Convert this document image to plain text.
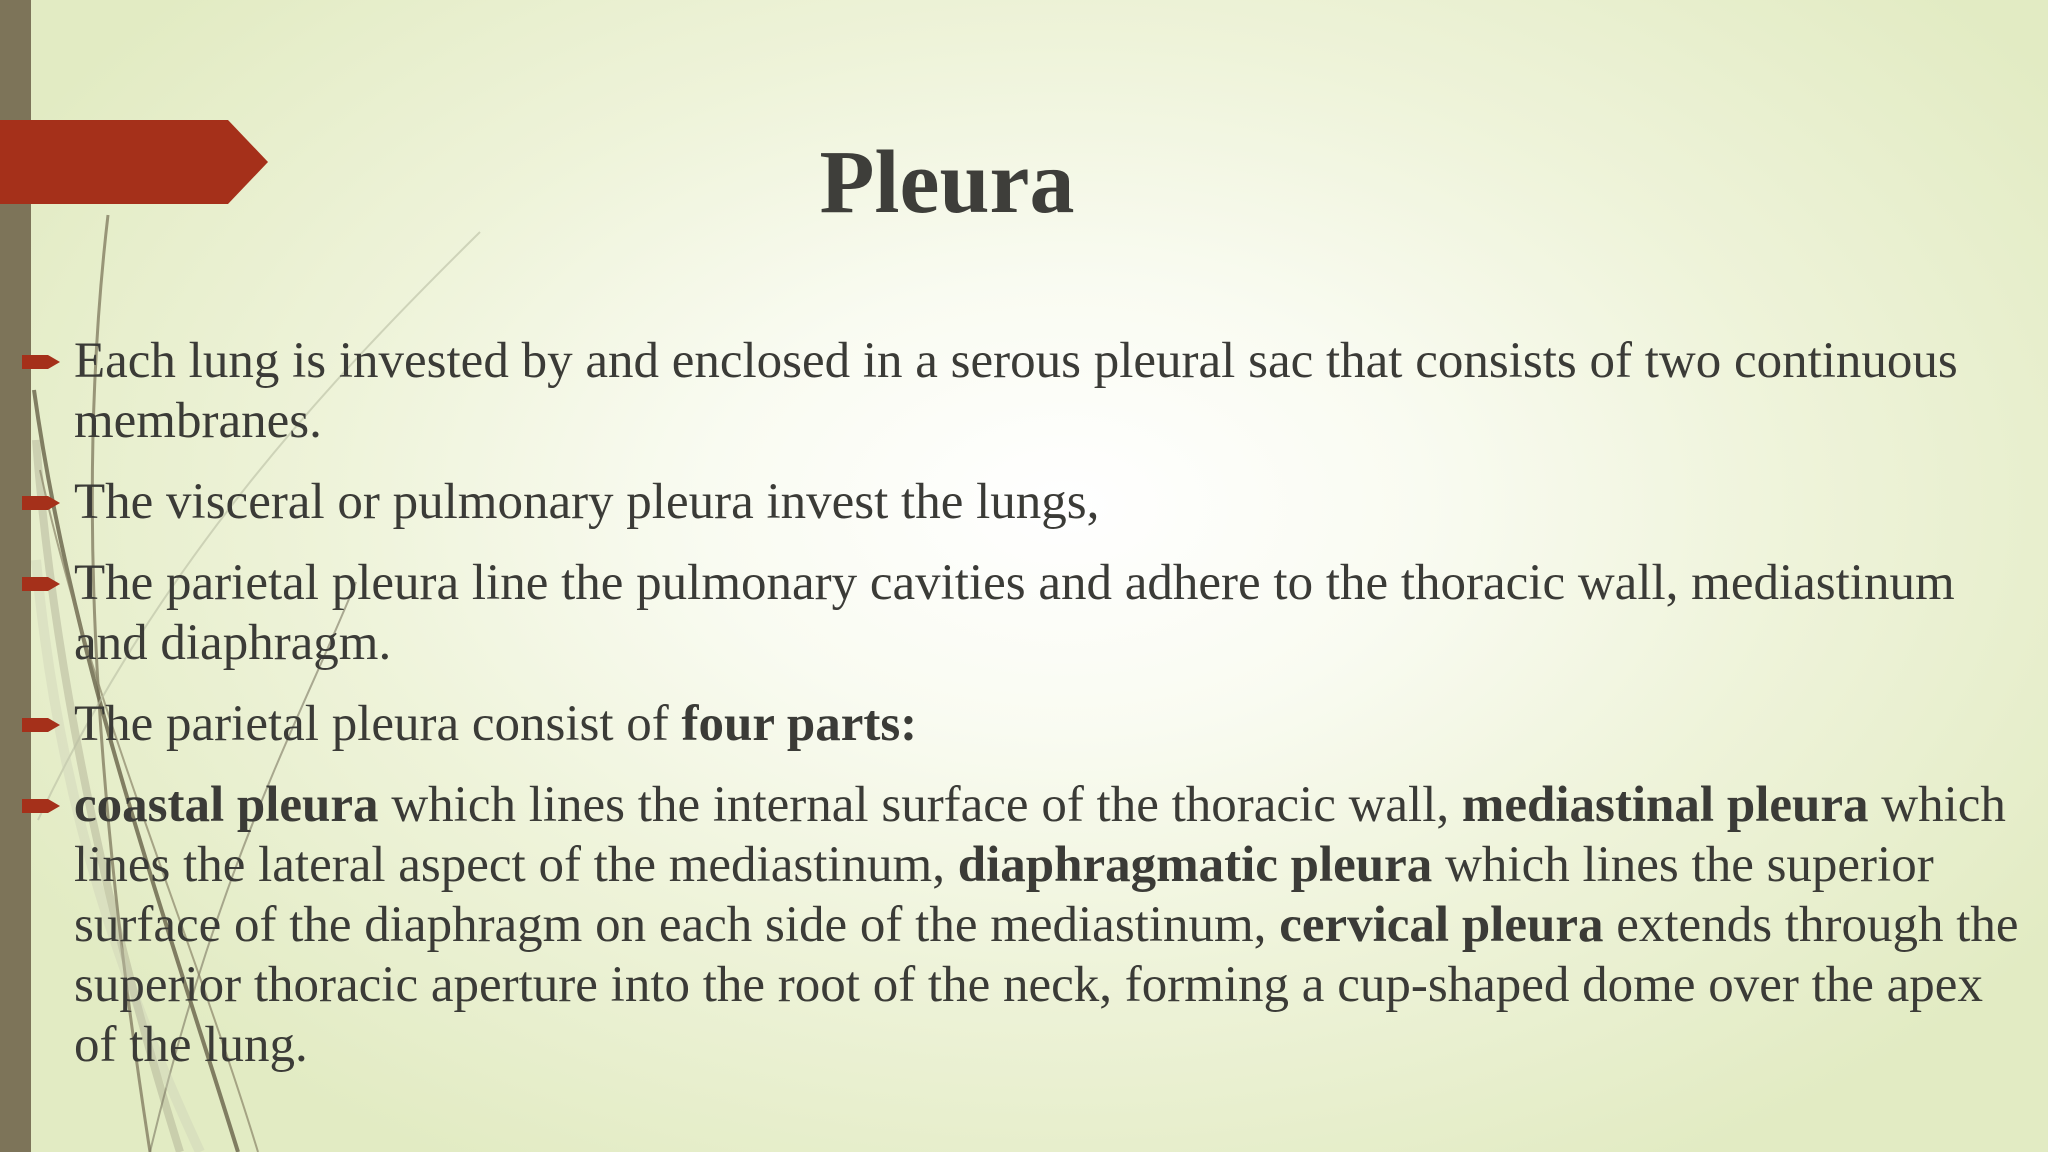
Pleura
Each lung is invested by and enclosed in a serous pleural sac that consists of two continuous membranes.
The visceral or pulmonary pleura invest the lungs,
The parietal pleura line the pulmonary cavities and adhere to the thoracic wall, mediastinum and diaphragm.
The parietal pleura consist of four parts:
coastal pleura which lines the internal surface of the thoracic wall, mediastinal pleura which lines the lateral aspect of the mediastinum, diaphragmatic pleura which lines the superior surface of the diaphragm on each side of the mediastinum, cervical pleura extends through the superior thoracic aperture into the root of the neck, forming a cup-shaped dome over the apex of the lung.
